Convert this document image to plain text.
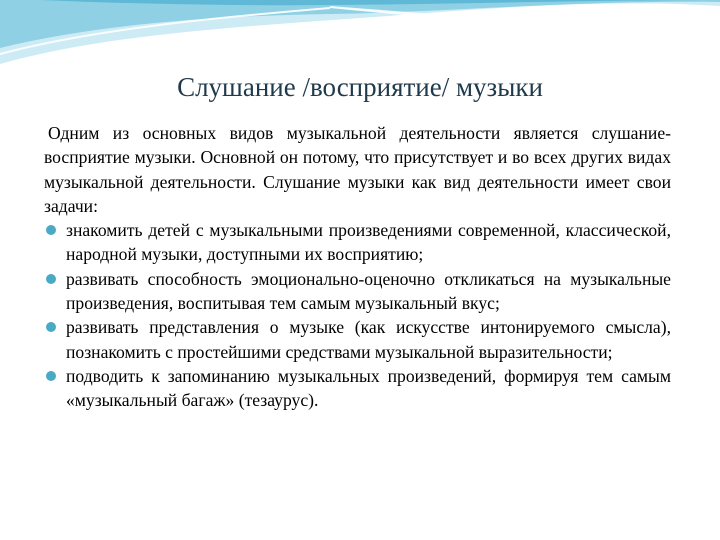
Слушание /восприятие/ музыки

Одним из основных видов музыкальной деятельности является слушание-восприятие музыки. Основной он потому, что присутствует и во всех других видах музыкальной деятельности. Слушание музыки как вид деятельности имеет свои задачи:

знакомить детей с музыкальными произведениями современной, классической, народной музыки, доступными их восприятию;
развивать способность эмоционально-оценочно откликаться на музыкальные произведения, воспитывая тем самым музыкальный вкус;
развивать представления о музыке (как искусстве интонируемого смысла), познакомить с простейшими средствами музыкальной выразительности;
подводить к запоминанию музыкальных произведений, формируя тем самым «музыкальный багаж» (тезаурус).
